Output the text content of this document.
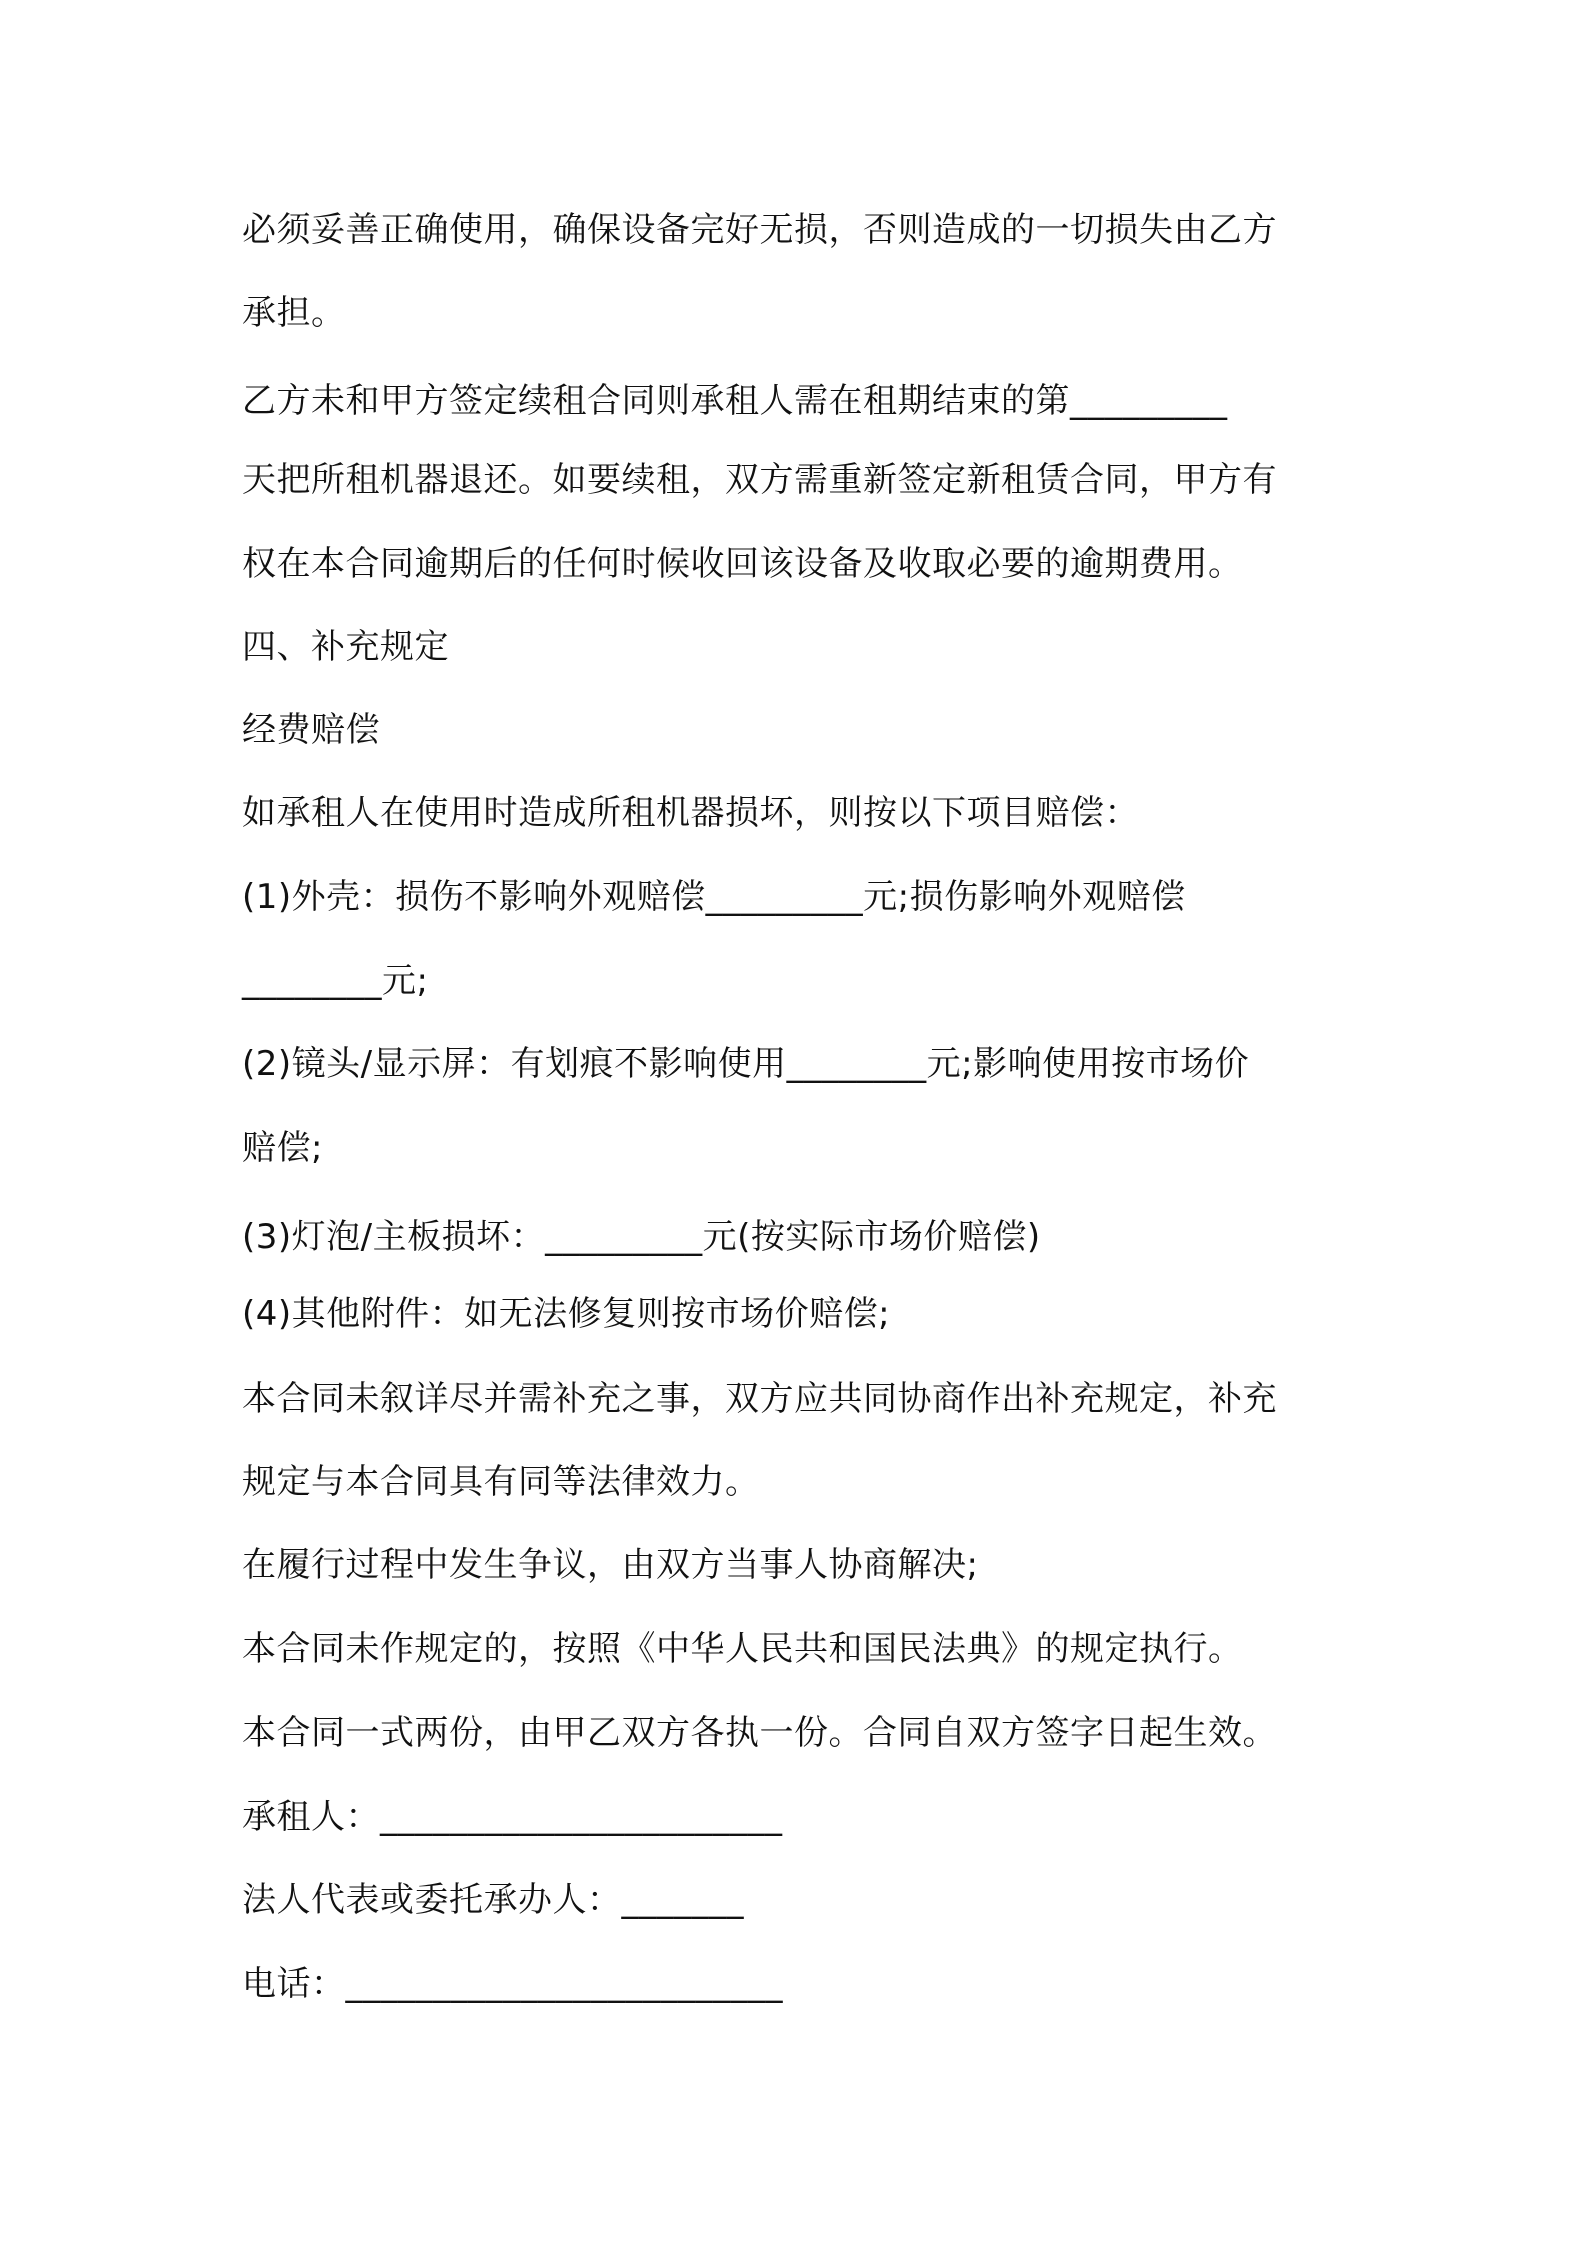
必须妥善正确使用，确保设备完好无损，否则造成的一切损失由乙方
承担。
乙方未和甲方签定续租合同则承租人需在租期结束的第_________
天把所租机器退还。如要续租，双方需重新签定新租赁合同，甲方有
权在本合同逾期后的任何时候收回该设备及收取必要的逾期费用。
四、补充规定
经费赔偿
如承租人在使用时造成所租机器损坏，则按以下项目赔偿：
(1)外壳：损伤不影响外观赔偿_________元;损伤影响外观赔偿
________元;
(2)镜头/显示屏：有划痕不影响使用________元;影响使用按市场价
赔偿;
(3)灯泡/主板损坏：_________元(按实际市场价赔偿)
(4)其他附件：如无法修复则按市场价赔偿;
本合同未叙详尽并需补充之事，双方应共同协商作出补充规定，补充
规定与本合同具有同等法律效力。
在履行过程中发生争议，由双方当事人协商解决;
本合同未作规定的，按照《中华人民共和国民法典》的规定执行。
本合同一式两份，由甲乙双方各执一份。合同自双方签字日起生效。
承租人：_______________________
法人代表或委托承办人：_______
电话：_________________________
